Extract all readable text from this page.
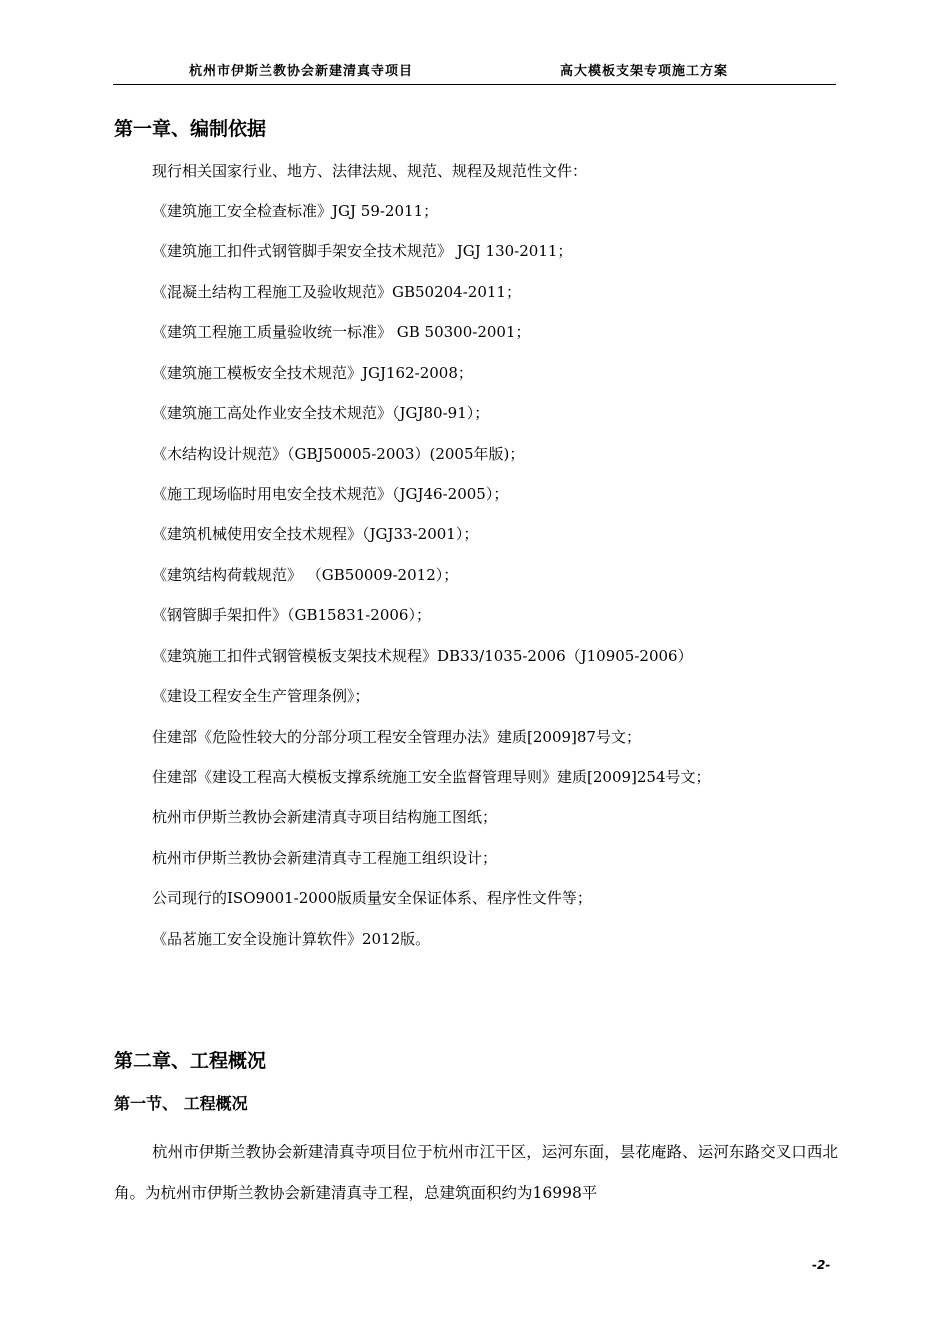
杭州市伊斯兰教协会新建清真寺项目	高大模板支架专项施工方案
第一章、编制依据
现行相关国家行业、地方、法律法规、规范、规程及规范性文件：
《建筑施工安全检查标准》JGJ 59-2011；
《建筑施工扣件式钢管脚手架安全技术规范》 JGJ 130-2011；
《混凝土结构工程施工及验收规范》GB50204-2011；
《建筑工程施工质量验收统一标准》 GB 50300-2001；
《建筑施工模板安全技术规范》JGJ162-2008；
《建筑施工高处作业安全技术规范》（JGJ80-91）；
《木结构设计规范》（GBJ50005-2003）(2005年版)；
《施工现场临时用电安全技术规范》（JGJ46-2005）；
《建筑机械使用安全技术规程》（JGJ33-2001）；
《建筑结构荷载规范》 （GB50009-2012）；
《钢管脚手架扣件》（GB15831-2006）；
《建筑施工扣件式钢管模板支架技术规程》DB33/1035-2006（J10905-2006）
《建设工程安全生产管理条例》；
住建部《危险性较大的分部分项工程安全管理办法》建质[2009]87号文；
住建部《建设工程高大模板支撑系统施工安全监督管理导则》建质[2009]254号文；
杭州市伊斯兰教协会新建清真寺项目结构施工图纸；
杭州市伊斯兰教协会新建清真寺工程施工组织设计；
公司现行的ISO9001-2000版质量安全保证体系、程序性文件等；
《品茗施工安全设施计算软件》2012版。
第二章、工程概况
第一节、 工程概况
杭州市伊斯兰教协会新建清真寺项目位于杭州市江干区，运河东面，昙花庵路、运河东路交叉口西北角。为杭州市伊斯兰教协会新建清真寺工程，总建筑面积约为16998平
-2-
